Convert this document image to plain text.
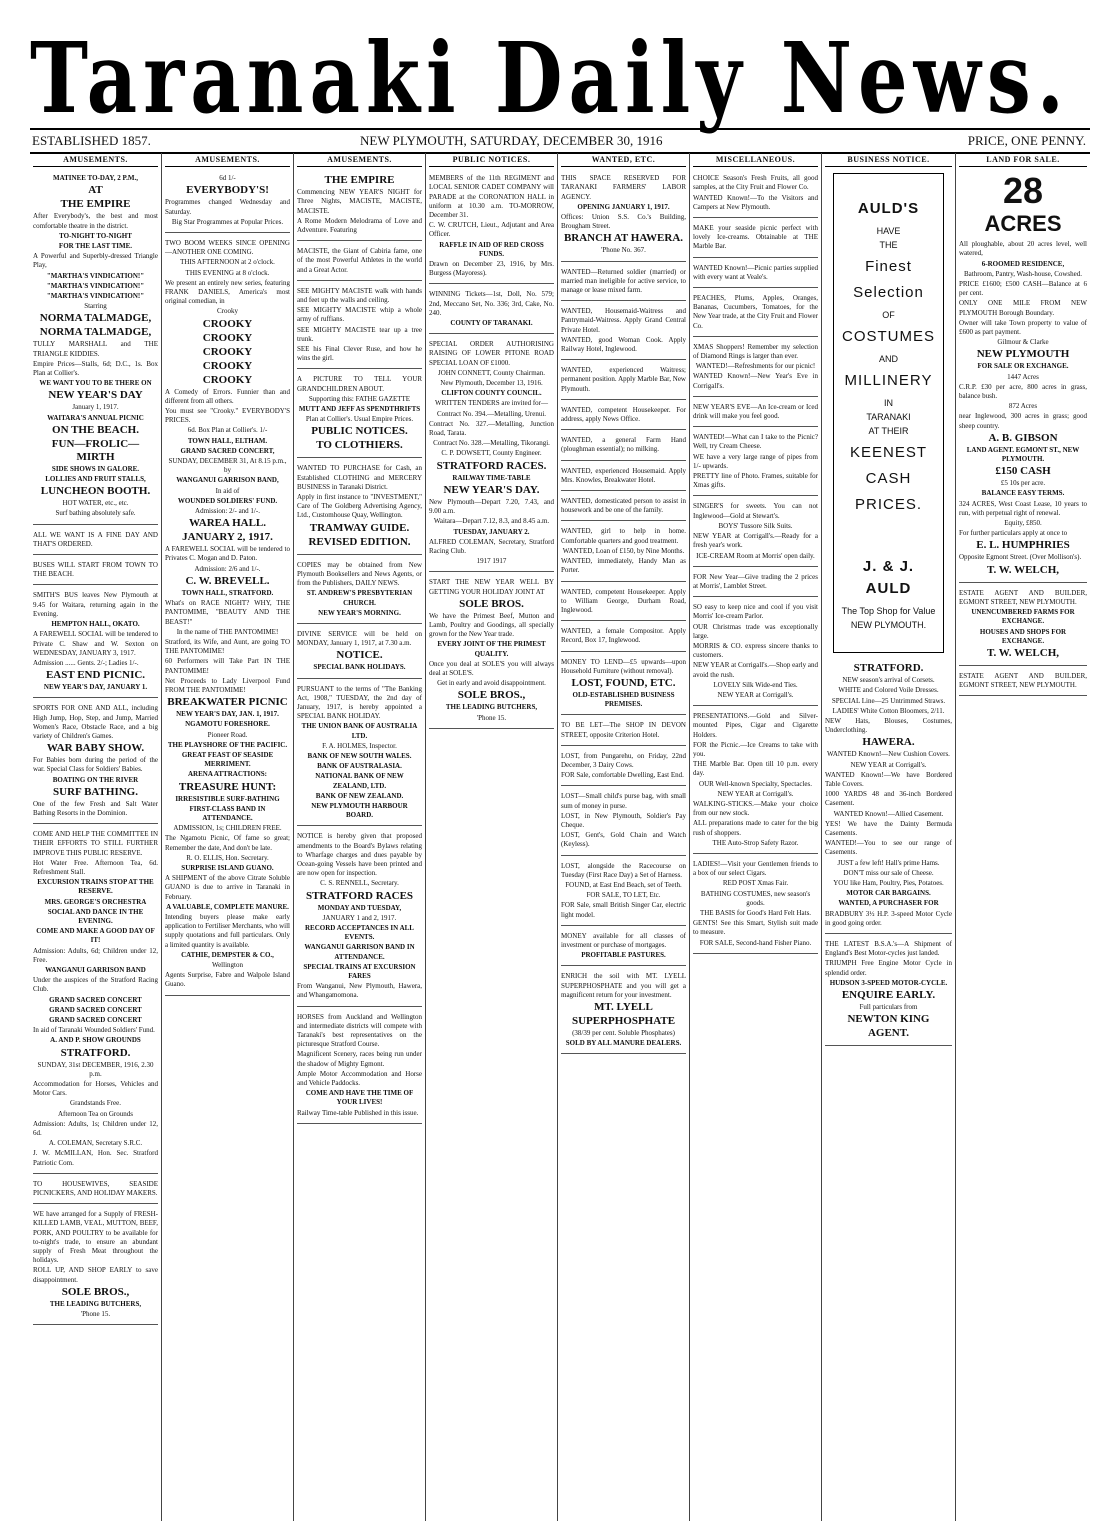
Taranaki Daily News.
ESTABLISHED 1857.	NEW PLYMOUTH, SATURDAY, DECEMBER 30, 1916	PRICE, ONE PENNY.
AMUSEMENTS.

MATINEE TO-DAY, 2 P.M.,

AT

THE EMPIRE

After Everybody's, the best and most comfortable theatre in the district.

TO-NIGHT TO-NIGHT

FOR THE LAST TIME.

A Powerful and Superbly-dressed Triangle Play,

"MARTHA'S VINDICATION!"

"MARTHA'S VINDICATION!"

"MARTHA'S VINDICATION!"

Starring

NORMA TALMADGE,

NORMA TALMADGE,

TULLY MARSHALL and THE TRIANGLE KIDDIES.

Empire Prices—Stalls, 6d; D.C., 1s. Box Plan at Collier's.

WE WANT YOU TO BE THERE ON

NEW YEAR'S DAY

January 1, 1917.

WAITARA'S ANNUAL PICNIC

ON THE BEACH.

FUN—FROLIC—MIRTH

SIDE SHOWS IN GALORE.

LOLLIES AND FRUIT STALLS,

LUNCHEON BOOTH.

HOT WATER, etc., etc.

Surf bathing absolutely safe.

ALL WE WANT IS A FINE DAY AND THAT'S ORDERED.

BUSES WILL START FROM TOWN TO THE BEACH.

SMITH'S BUS leaves New Plymouth at 9.45 for Waitara, returning again in the Evening.

HEMPTON HALL, OKATO.

A FAREWELL SOCIAL will be tendered to Private C. Shaw and W. Sexton on WEDNESDAY, JANUARY 3, 1917.

Admission ...... Gents. 2/-; Ladies 1/-.

EAST END PICNIC.

NEW YEAR'S DAY, JANUARY 1.

SPORTS FOR ONE AND ALL, including High Jump, Hop, Step, and Jump, Married Women's Race, Obstacle Race, and a big variety of Children's Games.

WAR BABY SHOW.

For Babies born during the period of the war. Special Class for Soldiers' Babies.

BOATING ON THE RIVER

SURF BATHING.

One of the few Fresh and Salt Water Bathing Resorts in the Dominion.

COME AND HELP THE COMMITTEE IN THEIR EFFORTS TO STILL FURTHER IMPROVE THIS PUBLIC RESERVE.

Hot Water Free. Afternoon Tea, 6d. Refreshment Stall.

EXCURSION TRAINS STOP AT THE RESERVE.

MRS. GEORGE'S ORCHESTRA

SOCIAL AND DANCE IN THE EVENING.

COME AND MAKE A GOOD DAY OF IT!

Admission: Adults, 6d; Children under 12, Free.

WANGANUI GARRISON BAND

Under the auspices of the Stratford Racing Club.

GRAND SACRED CONCERT

GRAND SACRED CONCERT

GRAND SACRED CONCERT

In aid of Taranaki Wounded Soldiers' Fund.

A. AND P. SHOW GROUNDS

STRATFORD.

SUNDAY, 31st DECEMBER, 1916, 2.30 p.m.

Accommodation for Horses, Vehicles and Motor Cars.

Grandstands Free.

Afternoon Tea on Grounds

Admission: Adults, 1s; Children under 12, 6d.

A. COLEMAN, Secretary S.R.C.

J. W. McMILLAN, Hon. Sec. Stratford Patriotic Com.

TO HOUSEWIVES, SEASIDE PICNICKERS, AND HOLIDAY MAKERS.

WE have arranged for a Supply of FRESH-KILLED LAMB, VEAL, MUTTON, BEEF, PORK, AND POULTRY to be available for to-night's trade, to ensure an abundant supply of Fresh Meat throughout the holidays.

ROLL UP, AND SHOP EARLY to save disappointment.

SOLE BROS.,

THE LEADING BUTCHERS,

'Phone 15.

AMUSEMENTS.

6d 1/-

EVERYBODY'S!

Programmes changed Wednesday and Saturday.

Big Star Programmes at Popular Prices.

TWO BOOM WEEKS SINCE OPENING —ANOTHER ONE COMING.

THIS AFTERNOON at 2 o'clock.

THIS EVENING at 8 o'clock.

We present an entirely new series, featuring FRANK DANIELS, America's most original comedian, in

Crooky

CROOKY

CROOKY

CROOKY

CROOKY

CROOKY

A Comedy of Errors. Funnier than and different from all others.

You must see "Crooky." EVERYBODY'S PRICES.

6d. Box Plan at Collier's. 1/-

TOWN HALL, ELTHAM.

GRAND SACRED CONCERT,

SUNDAY, DECEMBER 31, At 8.15 p.m., by

WANGANUI GARRISON BAND,

In aid of

WOUNDED SOLDIERS' FUND.

Admission: 2/- and 1/-.

WAREA HALL.

JANUARY 2, 1917.

A FAREWELL SOCIAL will be tendered to Privates C. Mogan and D. Paton.

Admission: 2/6 and 1/-.

C. W. BREVELL.

TOWN HALL, STRATFORD.

What's on RACE NIGHT? WHY, THE PANTOMIME, "BEAUTY AND THE BEAST!"

In the name of THE PANTOMIME!

Stratford, its Wife, and Aunt, are going TO THE PANTOMIME!

60 Performers will Take Part IN THE PANTOMIME!

Net Proceeds to Lady Liverpool Fund FROM THE PANTOMIME!

BREAKWATER PICNIC

NEW YEAR'S DAY, JAN. 1, 1917.

NGAMOTU FORESHORE.

Pioneer Road.

THE PLAYSHORE OF THE PACIFIC.

GREAT FEAST OF SEASIDE MERRIMENT.

ARENA ATTRACTIONS:

TREASURE HUNT:

IRRESISTIBLE SURF-BATHING

FIRST-CLASS BAND IN ATTENDANCE.

ADMISSION, 1s; CHILDREN FREE.

The Ngamotu Picnic, Of fame so great; Remember the date, And don't be late.

R. O. ELLIS, Hon. Secretary.

SURPRISE ISLAND GUANO.

A SHIPMENT of the above Citrate Soluble GUANO is due to arrive in Taranaki in February.

A VALUABLE, COMPLETE MANURE.

Intending buyers please make early application to Fertiliser Merchants, who will supply quotations and full particulars. Only a limited quantity is available.

CATHIE, DEMPSTER & CO.,

Wellington

Agents Surprise, Fabre and Walpole Island Guano.

AMUSEMENTS.

THE EMPIRE

Commencing NEW YEAR'S NIGHT for Three Nights, MACISTE, MACISTE, MACISTE.

A Rome Modern Melodrama of Love and Adventure. Featuring

MACISTE, the Giant of Cabiria fame, one of the most Powerful Athletes in the world and a Great Actor.

SEE MIGHTY MACISTE walk with hands and feet up the walls and ceiling.

SEE MIGHTY MACISTE whip a whole army of ruffians.

SEE MIGHTY MACISTE tear up a tree trunk.

SEE his Final Clever Ruse, and how he wins the girl.

A PICTURE TO TELL YOUR GRANDCHILDREN ABOUT.

Supporting this: FATHE GAZETTE

MUTT AND JEFF AS SPENDTHRIFTS

Plan at Collier's. Usual Empire Prices.

PUBLIC NOTICES.

TO CLOTHIERS.

WANTED TO PURCHASE for Cash, an Established CLOTHING and MERCERY BUSINESS in Taranaki District.

Apply in first instance to "INVESTMENT," Care of The Goldberg Advertising Agency, Ltd., Customhouse Quay, Wellington.

TRAMWAY GUIDE.

REVISED EDITION.

COPIES may be obtained from New Plymouth Booksellers and News Agents, or from the Publishers, DAILY NEWS.

ST. ANDREW'S PRESBYTERIAN CHURCH.

NEW YEAR'S MORNING.

DIVINE SERVICE will be held on MONDAY, January 1, 1917, at 7.30 a.m.

NOTICE.

SPECIAL BANK HOLIDAYS.

PURSUANT to the terms of "The Banking Act, 1908," TUESDAY, the 2nd day of January, 1917, is hereby appointed a SPECIAL BANK HOLIDAY.

THE UNION BANK OF AUSTRALIA LTD.

F. A. HOLMES, Inspector.

BANK OF NEW SOUTH WALES.

BANK OF AUSTRALASIA.

NATIONAL BANK OF NEW ZEALAND, LTD.

BANK OF NEW ZEALAND.

NEW PLYMOUTH HARBOUR BOARD.

NOTICE is hereby given that proposed amendments to the Board's Bylaws relating to Wharfage charges and dues payable by Ocean-going Vessels have been printed and are now open for inspection.

C. S. RENNELL, Secretary.

STRATFORD RACES

MONDAY AND TUESDAY,

JANUARY 1 and 2, 1917.

RECORD ACCEPTANCES IN ALL EVENTS.

WANGANUI GARRISON BAND IN ATTENDANCE.

SPECIAL TRAINS AT EXCURSION FARES

From Wanganui, New Plymouth, Hawera, and Whangamomona.

HORSES from Auckland and Wellington and intermediate districts will compete with Taranaki's best representatives on the picturesque Stratford Course.

Magnificent Scenery, races being run under the shadow of Mighty Egmont.

Ample Motor Accommodation and Horse and Vehicle Paddocks.

COME AND HAVE THE TIME OF YOUR LIVES!

Railway Time-table Published in this issue.

PUBLIC NOTICES.

MEMBERS of the 11th REGIMENT and LOCAL SENIOR CADET COMPANY will PARADE at the CORONATION HALL in uniform at 10.30 a.m. TO-MORROW, December 31.

C. W. CRUTCH, Lieut., Adjutant and Area Officer.

RAFFLE IN AID OF RED CROSS FUNDS.

Drawn on December 23, 1916, by Mrs. Burgess (Mayoress).

WINNING Tickets—1st, Doll, No. 579; 2nd, Meccano Set, No. 336; 3rd, Cake, No. 240.

COUNTY OF TARANAKI.

SPECIAL ORDER AUTHORISING RAISING OF LOWER PITONE ROAD SPECIAL LOAN OF £1000.

JOHN CONNETT, County Chairman.

New Plymouth, December 13, 1916.

CLIFTON COUNTY COUNCIL.

WRITTEN TENDERS are invited for—

Contract No. 394.—Metalling, Urenui.

Contract No. 327.—Metalling, Junction Road, Tarata.

Contract No. 328.—Metalling, Tikorangi.

C. P. DOWSETT, County Engineer.

STRATFORD RACES.

RAILWAY TIME-TABLE

NEW YEAR'S DAY.

New Plymouth—Depart 7.20, 7.43, and 9.00 a.m.

Waitara—Depart 7.12, 8.3, and 8.45 a.m.

TUESDAY, JANUARY 2.

ALFRED COLEMAN, Secretary, Stratford Racing Club.

1917 1917

START THE NEW YEAR WELL BY GETTING YOUR HOLIDAY JOINT AT

SOLE BROS.

We have the Primest Beef, Mutton and Lamb, Poultry and Goodings, all specially grown for the New Year trade.

EVERY JOINT OF THE PRIMEST QUALITY.

Once you deal at SOLE'S you will always deal at SOLE'S.

Get in early and avoid disappointment.

SOLE BROS.,

THE LEADING BUTCHERS,

'Phone 15.

WANTED, ETC.

THIS SPACE RESERVED FOR TARANAKI FARMERS' LABOR AGENCY.

OPENING JANUARY 1, 1917.

Offices: Union S.S. Co.'s Building, Brougham Street.

BRANCH AT HAWERA.

'Phone No. 367.

WANTED—Returned soldier (married) or married man ineligible for active service, to manage or lease mixed farm.

WANTED, Housemaid-Waitress and Pantrymaid-Waitress. Apply Grand Central Private Hotel.

WANTED, good Woman Cook. Apply Railway Hotel, Inglewood.

WANTED, experienced Waitress; permanent position. Apply Marble Bar, New Plymouth.

WANTED, competent Housekeeper. For address, apply News Office.

WANTED, a general Farm Hand (ploughman essential); no milking.

WANTED, experienced Housemaid. Apply Mrs. Knowles, Breakwater Hotel.

WANTED, domesticated person to assist in housework and be one of the family.

WANTED, girl to help in home. Comfortable quarters and good treatment.

WANTED, Loan of £150, by Nine Months.

WANTED, immediately, Handy Man as Porter.

WANTED, competent Housekeeper. Apply to William George, Durham Road, Inglewood.

WANTED, a female Compositor. Apply Record, Box 17, Inglewood.

MONEY TO LEND—£5 upwards—upon Household Furniture (without removal).

LOST, FOUND, ETC.

OLD-ESTABLISHED BUSINESS PREMISES.

TO BE LET—The SHOP IN DEVON STREET, opposite Criterion Hotel.

LOST, from Pungarehu, on Friday, 22nd December, 3 Dairy Cows.

FOR Sale, comfortable Dwelling, East End.

LOST—Small child's purse bag, with small sum of money in purse.

LOST, in New Plymouth, Soldier's Pay Cheque.

LOST, Gent's, Gold Chain and Watch (Keyless).

LOST, alongside the Racecourse on Tuesday (First Race Day) a Set of Harness.

FOUND, at East End Beach, set of Teeth.

FOR SALE, TO LET, Etc.

FOR Sale, small British Singer Car, electric light model.

MONEY available for all classes of investment or purchase of mortgages.

PROFITABLE PASTURES.

ENRICH the soil with MT. LYELL SUPERPHOSPHATE and you will get a magnificent return for your investment.

MT. LYELL

SUPERPHOSPHATE

(38/39 per cent. Soluble Phosphates)

SOLD BY ALL MANURE DEALERS.

MISCELLANEOUS.

CHOICE Season's Fresh Fruits, all good samples, at the City Fruit and Flower Co.

WANTED Known!—To the Visitors and Campers at New Plymouth.

MAKE your seaside picnic perfect with lovely Ice-creams. Obtainable at THE Marble Bar.

WANTED Known!—Picnic parties supplied with every want at Veale's.

PEACHES, Plums, Apples, Oranges, Bananas, Cucumbers, Tomatoes, for the New Year trade, at the City Fruit and Flower Co.

XMAS Shoppers! Remember my selection of Diamond Rings is larger than ever.

WANTED!—Refreshments for our picnic!

WANTED Known!—New Year's Eve in Corrigall's.

NEW YEAR'S EVE—An Ice-cream or Iced drink will make you feel good.

WANTED!—What can I take to the Picnic? Well, try Cream Cheese.

WE have a very large range of pipes from 1/- upwards.

PRETTY line of Photo. Frames, suitable for Xmas gifts.

SINGER'S for sweets. You can not Inglewood—Gold at Stewart's.

BOYS' Tussore Silk Suits.

NEW YEAR at Corrigall's.—Ready for a fresh year's work.

ICE-CREAM Room at Morris' open daily.

FOR New Year—Give trading the 2 prices at Morris', Lamblet Street.

SO easy to keep nice and cool if you visit Morris' Ice-cream Parlor.

OUR Christmas trade was exceptionally large.

MORRIS & CO. express sincere thanks to customers.

NEW YEAR at Corrigall's.—Shop early and avoid the rush.

LOVELY Silk Wide-end Ties.

NEW YEAR at Corrigall's.

PRESENTATIONS.—Gold and Silver-mounted Pipes, Cigar and Cigarette Holders.

FOR the Picnic.—Ice Creams to take with you.

THE Marble Bar. Open till 10 p.m. every day.

OUR Well-known Specialty, Spectacles.

NEW YEAR at Corrigall's.

WALKING-STICKS.—Make your choice from our new stock.

ALL preparations made to cater for the big rush of shoppers.

THE Auto-Strop Safety Razor.

LADIES!—Visit your Gentlemen friends to a box of our select Cigars.

RED POST Xmas Fair.

BATHING COSTUMES, new season's goods.

THE BASIS for Good's Hard Felt Hats.

GENTS! See this Smart, Stylish suit made to measure.

FOR SALE, Second-hand Fisher Piano.

BUSINESS NOTICE.
AULD'S
HAVE
THE
Finest
Selection
OF
COSTUMES
AND
MILLINERY
IN
TARANAKI
AT THEIR
KEENEST
CASH
PRICES.
J. & J. AULD
The Top Shop for Value
NEW PLYMOUTH.

STRATFORD.

NEW season's arrival of Corsets.

WHITE and Colored Voile Dresses.

SPECIAL Line—25 Untrimmed Straws.

LADIES' White Cotton Bloomers, 2/11.

NEW Hats, Blouses, Costumes, Underclothing.

HAWERA.

WANTED Known!—New Cushion Covers.

NEW YEAR at Corrigall's.

WANTED Known!—We have Bordered Table Covers.

1000 YARDS 48 and 36-inch Bordered Casement.

WANTED Known!—Allied Casement.

YES! We have the Dainty Bermuda Casements.

WANTED!—You to see our range of Casements.

JUST a few left! Hall's prime Hams.

DON'T miss our sale of Cheese.

YOU like Ham, Poultry, Pies, Potatoes.

MOTOR CAR BARGAINS.

WANTED, A PURCHASER FOR

BRADBURY 3½ H.P. 3-speed Motor Cycle in good going order.

THE LATEST B.S.A.'s—A Shipment of England's Best Motor-cycles just landed.

TRIUMPH Free Engine Motor Cycle in splendid order.

HUDSON 3-SPEED MOTOR-CYCLE.

ENQUIRE EARLY.

Full particulars from

NEWTON KING

AGENT.

LAND FOR SALE.
28
ACRES

All ploughable, about 20 acres level, well watered,

6-ROOMED RESIDENCE,

Bathroom, Pantry, Wash-house, Cowshed.

PRICE £1600; £500 CASH—Balance at 6 per cent.

ONLY ONE MILE FROM NEW PLYMOUTH Borough Boundary.

Owner will take Town property to value of £600 as part payment.

Gilmour & Clarke

NEW PLYMOUTH

FOR SALE OR EXCHANGE.

1447 Acres

C.R.P. £30 per acre, 800 acres in grass, balance bush.

872 Acres

near Inglewood, 300 acres in grass; good sheep country.

A. B. GIBSON

LAND AGENT. EGMONT ST., NEW PLYMOUTH.

£150 CASH

£5 10s per acre.

BALANCE EASY TERMS.

324 ACRES, West Coast Lease, 10 years to run, with perpetual right of renewal.

Equity, £850.

For further particulars apply at once to

E. L. HUMPHRIES

Opposite Egmont Street. (Over Mollison's).

T. W. WELCH,

ESTATE AGENT AND BUILDER, EGMONT STREET, NEW PLYMOUTH.

UNENCUMBERED FARMS FOR EXCHANGE.

HOUSES AND SHOPS FOR EXCHANGE.

T. W. WELCH,

ESTATE AGENT AND BUILDER, EGMONT STREET, NEW PLYMOUTH.
